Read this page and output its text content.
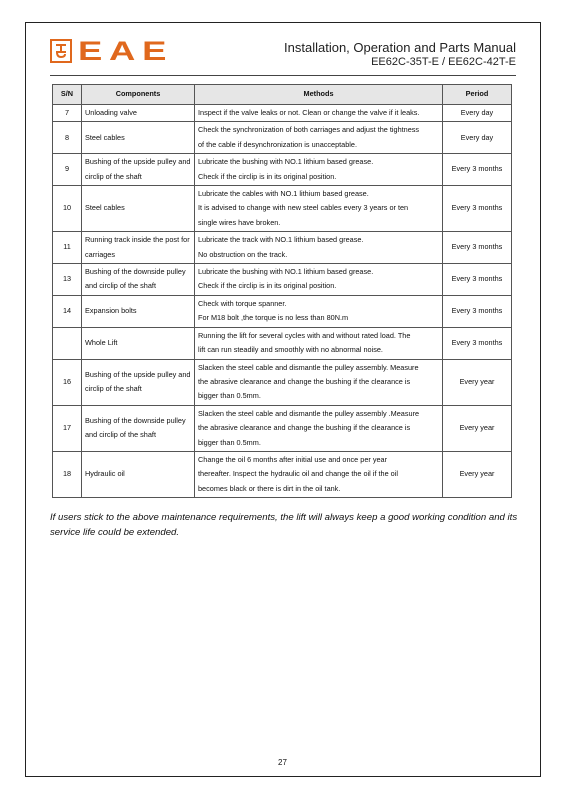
EAE	Installation, Operation and Parts Manual
EE62C-35T-E / EE62C-42T-E
S/N	Components	Methods	Period
7	Unloading valve	Inspect if the valve leaks or not. Clean or change the valve if it leaks.	Every day
8	Steel cables	Check the synchronization of both carriages and adjust the tightness
of the cable if desynchronization is unacceptable.	Every day
9	Bushing of the upside pulley and circlip of the shaft	Lubricate the bushing with NO.1 lithium based grease.
Check if the circlip is in its original position.	Every 3 months
10	Steel cables	Lubricate the cables with NO.1 lithium based grease.
It is advised to change with new steel cables every 3 years or ten
single wires have broken.	Every 3 months
11	Running track inside the post for carriages	Lubricate the track with NO.1 lithium based grease.
No obstruction on the track.	Every 3 months
13	Bushing of the downside pulley and circlip of the shaft	Lubricate the bushing with NO.1 lithium based grease.
Check if the circlip is in its original position.	Every 3 months
14	Expansion bolts	Check with torque spanner.
For M18 bolt ,the torque is no less than 80N.m	Every 3 months
	Whole Lift	Running the lift for several cycles with and without rated load. The
lift can run steadily and smoothly with no abnormal noise.	Every 3 months
16	Bushing of the upside pulley and circlip of the shaft	Slacken the steel cable and dismantle the pulley assembly. Measure
the abrasive clearance and change the bushing if the clearance is
bigger than 0.5mm.	Every year
17	Bushing of the downside pulley and circlip of the shaft	Slacken the steel cable and dismantle the pulley assembly .Measure
the abrasive clearance and change the bushing if the clearance is
bigger than 0.5mm.	Every year
18	Hydraulic oil	Change the oil 6 months after initial use and once per year
thereafter. Inspect the hydraulic oil and change the oil if the oil
becomes black or there is dirt in the oil tank.	Every year
If users stick to the above maintenance requirements, the lift will always keep a good working condition and its service life could be extended.
27
